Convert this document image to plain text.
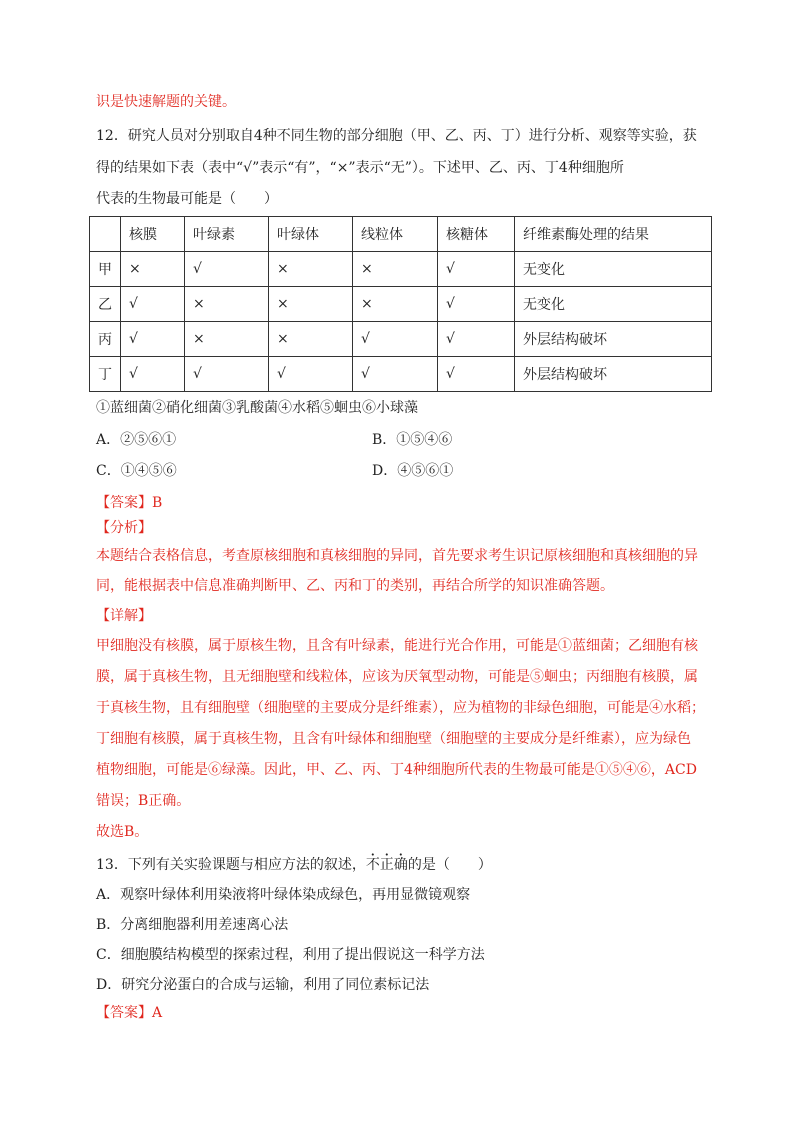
识是快速解题的关键。
12．研究人员对分别取自4种不同生物的部分细胞（甲、乙、丙、丁）进行分析、观察等实验，获
得的结果如下表（表中“√”表示“有”，“×”表示“无”）。下述甲、乙、丙、丁4种细胞所
代表的生物最可能是（　　）
	核膜	叶绿素	叶绿体	线粒体	核糖体	纤维素酶处理的结果
甲	×	√	×	×	√	无变化
乙	√	×	×	×	√	无变化
丙	√	×	×	√	√	外层结构破坏
丁	√	√	√	√	√	外层结构破坏
①蓝细菌②硝化细菌③乳酸菌④水稻⑤蛔虫⑥小球藻
A．②⑤⑥①	B．①⑤④⑥
C．①④⑤⑥	D．④⑤⑥①
【答案】B
【分析】
本题结合表格信息，考查原核细胞和真核细胞的异同，首先要求考生识记原核细胞和真核细胞的异
同，能根据表中信息准确判断甲、乙、丙和丁的类别，再结合所学的知识准确答题。
【详解】
甲细胞没有核膜，属于原核生物，且含有叶绿素，能进行光合作用，可能是①蓝细菌；乙细胞有核
膜，属于真核生物，且无细胞壁和线粒体，应该为厌氧型动物，可能是⑤蛔虫；丙细胞有核膜，属
于真核生物，且有细胞壁（细胞壁的主要成分是纤维素），应为植物的非绿色细胞，可能是④水稻；
丁细胞有核膜，属于真核生物，且含有叶绿体和细胞壁（细胞壁的主要成分是纤维素），应为绿色
植物细胞，可能是⑥绿藻。因此，甲、乙、丙、丁4种细胞所代表的生物最可能是①⑤④⑥，ACD
错误；B正确。
故选B。
13．下列有关实验课题与相应方法的叙述，不正确的是（　　）
A．观察叶绿体利用染液将叶绿体染成绿色，再用显微镜观察
B．分离细胞器利用差速离心法
C．细胞膜结构模型的探索过程，利用了提出假说这一科学方法
D．研究分泌蛋白的合成与运输，利用了同位素标记法
【答案】A
